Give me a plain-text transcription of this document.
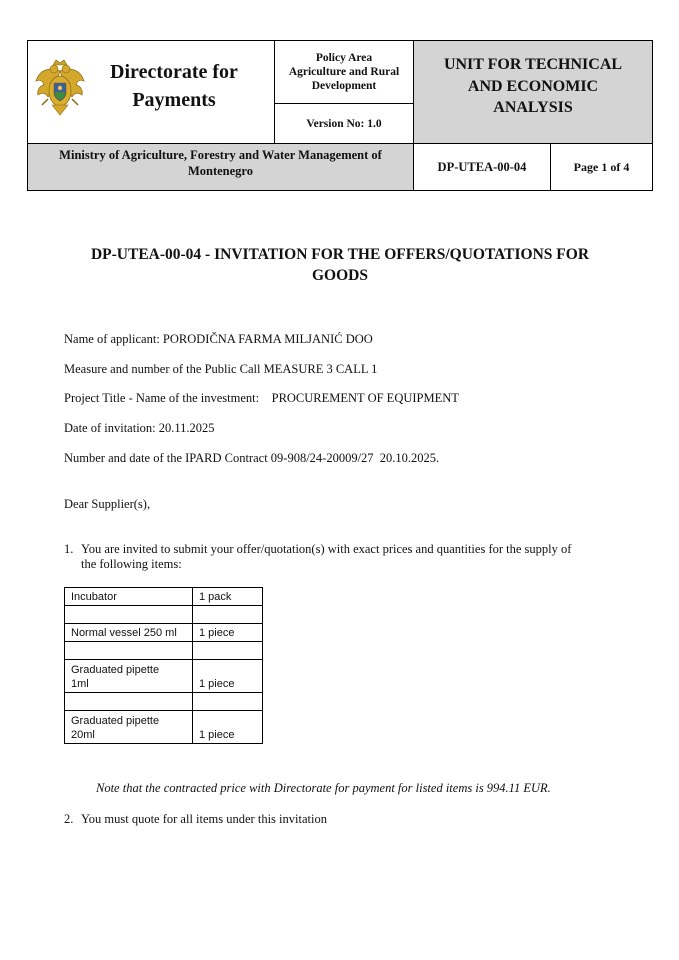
Directorate for
Payments
Policy Area
Agriculture and Rural
Development
Version No: 1.0
UNIT FOR TECHNICAL
AND ECONOMIC
ANALYSIS
Ministry of Agriculture, Forestry and Water Management of
Montenegro	DP-UTEA-00-04	Page 1 of 4
DP-UTEA-00-04 - INVITATION FOR THE OFFERS/QUOTATIONS FOR
GOODS
Name of applicant: PORODIČNA FARMA MILJANIĆ DOO
Measure and number of the Public Call MEASURE 3 CALL 1
Project Title - Name of the investment:    PROCUREMENT OF EQUIPMENT
Date of invitation: 20.11.2025
Number and date of the IPARD Contract 09-908/24-20009/27  20.10.2025.
Dear Supplier(s),
1. You are invited to submit your offer/quotation(s) with exact prices and quantities for the supply of
the following items:
Incubator	1 pack

Normal vessel 250 ml	1 piece

Graduated pipette
1ml	1 piece

Graduated pipette
20ml	1 piece
Note that the contracted price with Directorate for payment for listed items is 994.11 EUR.
2. You must quote for all items under this invitation
